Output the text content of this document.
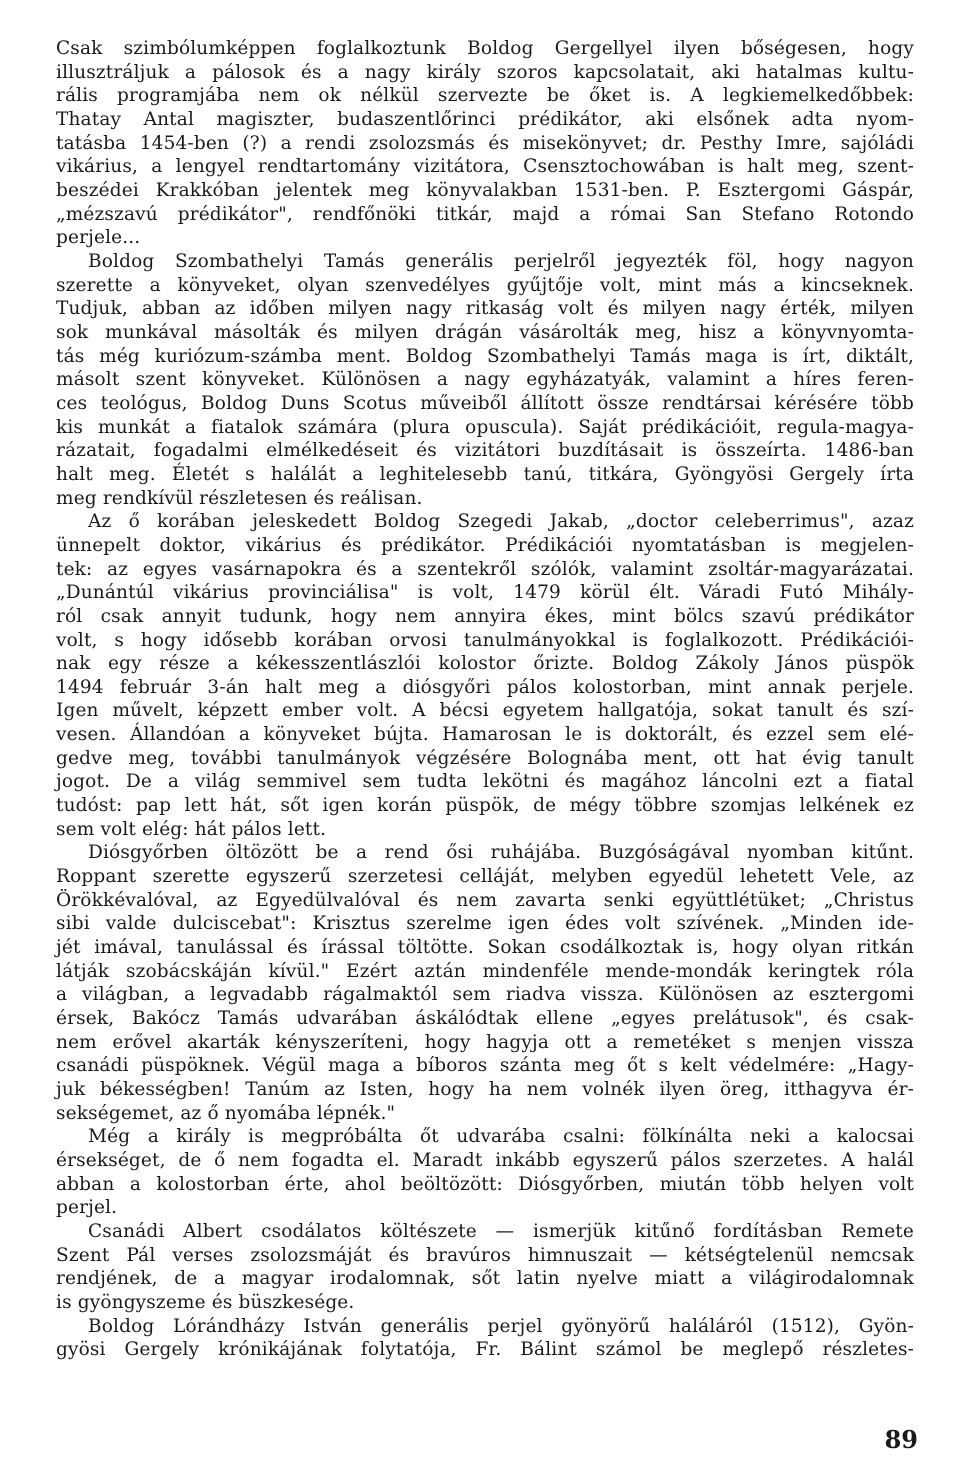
Csak szimbólumképpen foglalkoztunk Boldog Gergellyel ilyen bőségesen, hogy
illusztráljuk a pálosok és a nagy király szoros kapcsolatait, aki hatalmas kultu-
rális programjába nem ok nélkül szervezte be őket is. A legkiemelkedőbbek:
Thatay Antal magiszter, budaszentlőrinci prédikátor, aki elsőnek adta nyom-
tatásba 1454-ben (?) a rendi zsolozsmás és misekönyvet; dr. Pesthy Imre, sajóládi
vikárius, a lengyel rendtartomány vizitátora, Csensztochowában is halt meg, szent-
beszédei Krakkóban jelentek meg könyvalakban 1531-ben. P. Esztergomi Gáspár,
„mézszavú prédikátor", rendfőnöki titkár, majd a római San Stefano Rotondo
perjele...
Boldog Szombathelyi Tamás generális perjelről jegyezték föl, hogy nagyon
szerette a könyveket, olyan szenvedélyes gyűjtője volt, mint más a kincseknek.
Tudjuk, abban az időben milyen nagy ritkaság volt és milyen nagy érték, milyen
sok munkával másolták és milyen drágán vásárolták meg, hisz a könyvnyomta-
tás még kuriózum-számba ment. Boldog Szombathelyi Tamás maga is írt, diktált,
másolt szent könyveket. Különösen a nagy egyházatyák, valamint a híres feren-
ces teológus, Boldog Duns Scotus műveiből állított össze rendtársai kérésére több
kis munkát a fiatalok számára (plura opuscula). Saját prédikációit, regula-magya-
rázatait, fogadalmi elmélkedéseit és vizitátori buzdításait is összeírta. 1486-ban
halt meg. Életét s halálát a leghitelesebb tanú, titkára, Gyöngyösi Gergely írta
meg rendkívül részletesen és reálisan.
Az ő korában jeleskedett Boldog Szegedi Jakab, „doctor celeberrimus", azaz
ünnepelt doktor, vikárius és prédikátor. Prédikációi nyomtatásban is megjelen-
tek: az egyes vasárnapokra és a szentekről szólók, valamint zsoltár-magyarázatai.
„Dunántúl vikárius provinciálisa" is volt, 1479 körül élt. Váradi Futó Mihály-
ról csak annyit tudunk, hogy nem annyira ékes, mint bölcs szavú prédikátor
volt, s hogy idősebb korában orvosi tanulmányokkal is foglalkozott. Prédikációi-
nak egy része a kékesszentlászlói kolostor őrizte. Boldog Zákoly János püspök
1494 február 3-án halt meg a diósgyőri pálos kolostorban, mint annak perjele.
Igen művelt, képzett ember volt. A bécsi egyetem hallgatója, sokat tanult és szí-
vesen. Állandóan a könyveket bújta. Hamarosan le is doktorált, és ezzel sem elé-
gedve meg, további tanulmányok végzésére Bolognába ment, ott hat évig tanult
jogot. De a világ semmivel sem tudta lekötni és magához láncolni ezt a fiatal
tudóst: pap lett hát, sőt igen korán püspök, de mégy többre szomjas lelkének ez
sem volt elég: hát pálos lett.
Diósgyőrben öltözött be a rend ősi ruhájába. Buzgóságával nyomban kitűnt.
Roppant szerette egyszerű szerzetesi celláját, melyben egyedül lehetett Vele, az
Örökkévalóval, az Egyedülvalóval és nem zavarta senki együttlétüket; „Christus
sibi valde dulciscebat": Krisztus szerelme igen édes volt szívének. „Minden ide-
jét imával, tanulással és írással töltötte. Sokan csodálkoztak is, hogy olyan ritkán
látják szobácskáján kívül." Ezért aztán mindenféle mende-mondák keringtek róla
a világban, a legvadabb rágalmaktól sem riadva vissza. Különösen az esztergomi
érsek, Bakócz Tamás udvarában áskálódtak ellene „egyes prelátusok", és csak-
nem erővel akarták kényszeríteni, hogy hagyja ott a remetéket s menjen vissza
csanádi püspöknek. Végül maga a bíboros szánta meg őt s kelt védelmére: „Hagy-
juk békességben! Tanúm az Isten, hogy ha nem volnék ilyen öreg, itthagyva ér-
sekségemet, az ő nyomába lépnék."
Még a király is megpróbálta őt udvarába csalni: fölkínálta neki a kalocsai
érsekséget, de ő nem fogadta el. Maradt inkább egyszerű pálos szerzetes. A halál
abban a kolostorban érte, ahol beöltözött: Diósgyőrben, miután több helyen volt
perjel.
Csanádi Albert csodálatos költészete — ismerjük kitűnő fordításban Remete
Szent Pál verses zsolozsmáját és bravúros himnuszait — kétségtelenül nemcsak
rendjének, de a magyar irodalomnak, sőt latin nyelve miatt a világirodalomnak
is gyöngyszeme és büszkesége.
Boldog Lórándházy István generális perjel gyönyörű haláláról (1512), Gyön-
gyösi Gergely krónikájának folytatója, Fr. Bálint számol be meglepő részletes-
89
